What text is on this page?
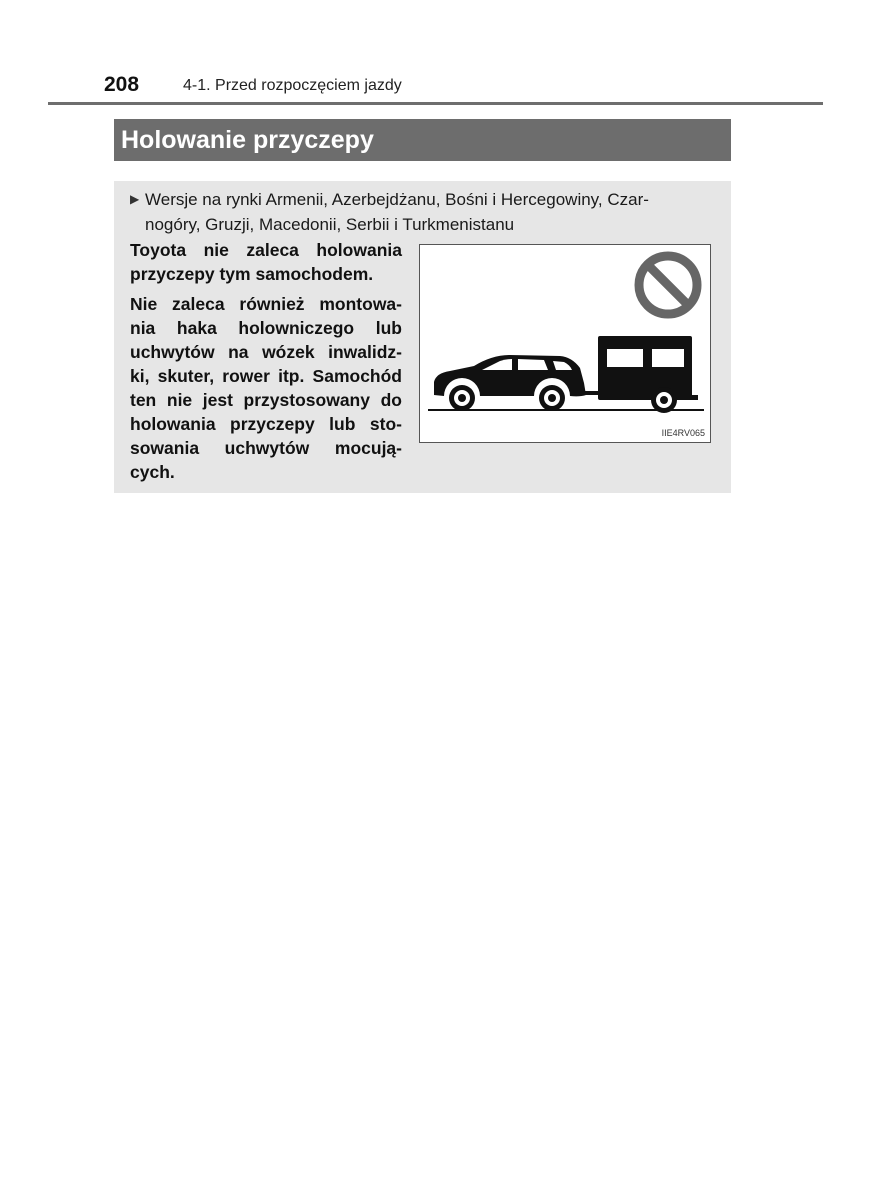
208	4-1. Przed rozpoczęciem jazdy
Holowanie przyczepy
▶ Wersje na rynki Armenii, Azerbejdżanu, Bośni i Hercegowiny, Czar-
nogóry, Gruzji, Macedonii, Serbii i Turkmenistanu

Toyota nie zaleca holowania
przyczepy tym samochodem.

Nie zaleca również montowa-
nia haka holowniczego lub
uchwytów na wózek inwalidz-
ki, skuter, rower itp. Samochód
ten nie jest przystosowany do
holowania przyczepy lub sto-
sowania uchwytów mocują-
cych.

IIE4RV065
